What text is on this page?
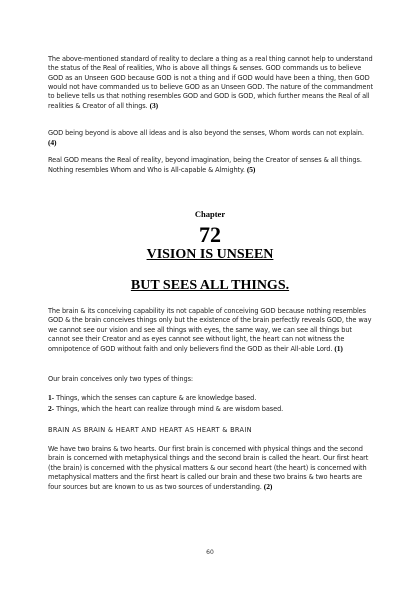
The above-mentioned standard of reality to declare a thing as a real thing cannot help to understand the status of the Real of realities, Who is above all things & senses. GOD commands us to believe GOD as an Unseen GOD because GOD is not a thing and if GOD would have been a thing, then GOD would not have commanded us to believe GOD as an Unseen GOD. The nature of the commandment to believe tells us that nothing resembles GOD and GOD is GOD, which further means the Real of all realities & Creator of all things. (3)

GOD being beyond is above all ideas and is also beyond the senses, Whom words can not explain. (4)

Real GOD means the Real of reality, beyond imagination, being the Creator of senses & all things. Nothing resembles Whom and Who is All-capable & Almighty. (5)

Chapter
72
VISION IS UNSEEN
BUT SEES ALL THINGS.

The brain & its conceiving capability its not capable of conceiving GOD because nothing resembles GOD & the brain conceives things only but the existence of the brain perfectly reveals GOD, the way we cannot see our vision and see all things with eyes, the same way, we can see all things but cannot see their Creator and as eyes cannot see without light, the heart can not witness the omnipotence of GOD without faith and only believers find the GOD as their All-able Lord. (1)

Our brain conceives only two types of things:

1- Things, which the senses can capture & are knowledge based.

2- Things, which the heart can realize through mind & are wisdom based.

BRAIN AS BRAIN & HEART AND HEART AS HEART & BRAIN

We have two brains & two hearts. Our first brain is concerned with physical things and the second brain is concerned with metaphysical things and the second brain is called the heart. Our first heart (the brain) is concerned with the physical matters & our second heart (the heart) is concerned with metaphysical matters and the first heart is called our brain and these two brains & two hearts are four sources but are known to us as two sources of understanding. (2)

60
